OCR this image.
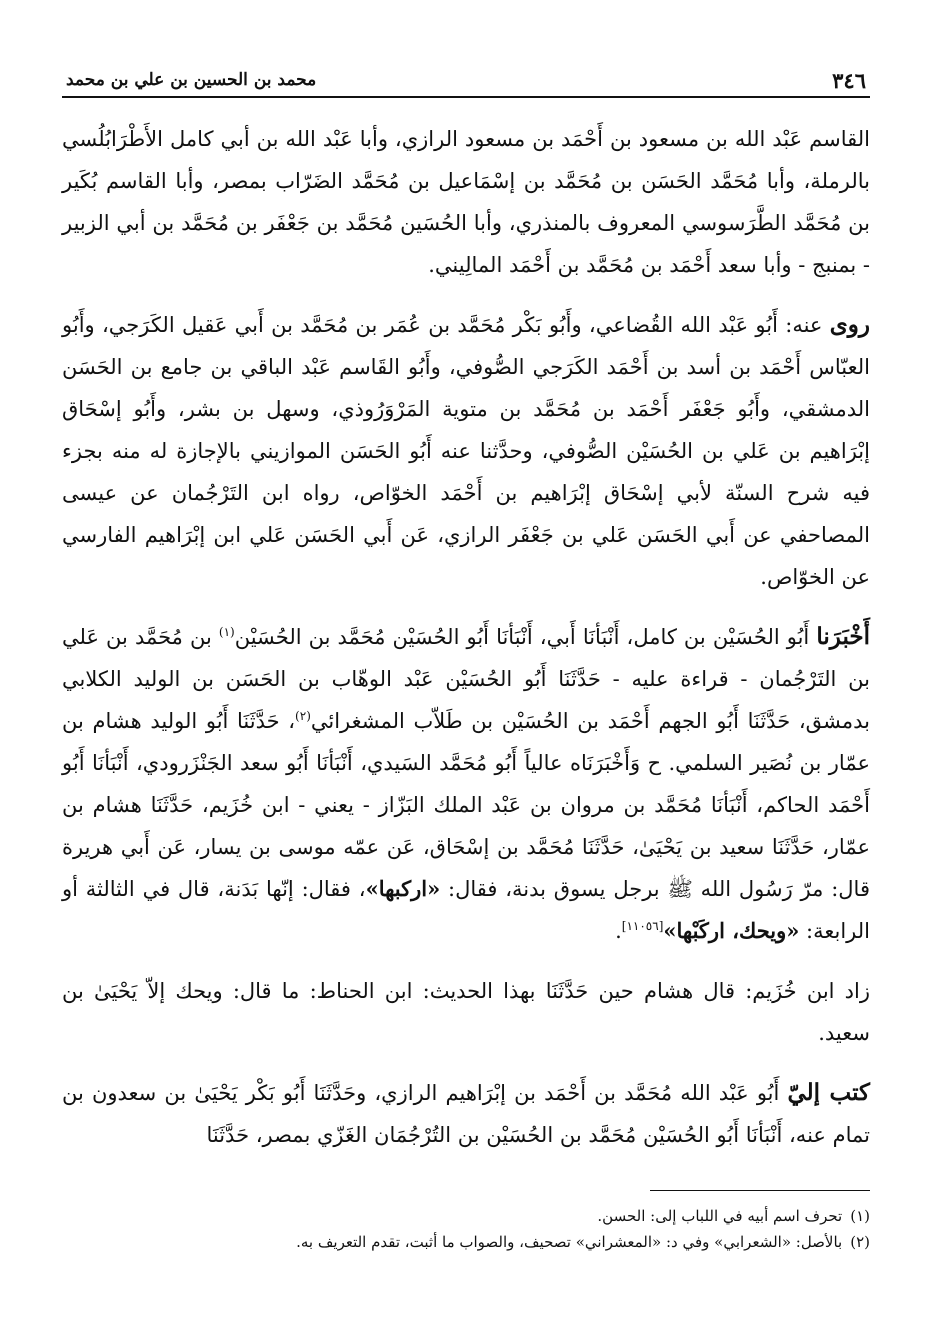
٣٤٦
محمد بن الحسين بن علي بن محمد

القاسم عَبْد الله بن مسعود بن أَحْمَد بن مسعود الرازي، وأبا عَبْد الله بن أبي كامل الأَطْرَابُلُسي بالرملة، وأبا مُحَمَّد الحَسَن بن مُحَمَّد بن إسْمَاعيل بن مُحَمَّد الضَرّاب بمصر، وأبا القاسم بُكَير بن مُحَمَّد الطَّرَسوسي المعروف بالمنذري، وأبا الحُسَين مُحَمَّد بن جَعْفَر بن مُحَمَّد بن أبي الزبير - بمنبج - وأبا سعد أَحْمَد بن مُحَمَّد بن أَحْمَد المالِيني.

روى عنه: أَبُو عَبْد الله القُضاعي، وأَبُو بَكْر مُحَمَّد بن عُمَر بن مُحَمَّد بن أَبي عَقيل الكَرَجي، وأَبُو العبّاس أَحْمَد بن أسد بن أَحْمَد الكَرَجي الصُّوفي، وأَبُو القَاسم عَبْد الباقي بن جامع بن الحَسَن الدمشقي، وأَبُو جَعْفَر أَحْمَد بن مُحَمَّد بن متوية المَرْوَرُوذي، وسهل بن بشر، وأَبُو إسْحَاق إبْرَاهيم بن عَلي بن الحُسَيْن الصُّوفي، وحدَّثنا عنه أَبُو الحَسَن الموازيني بالإجازة له منه بجزء فيه شرح السنّة لأبي إسْحَاق إبْرَاهيم بن أَحْمَد الخوّاص، رواه ابن التَرْجُمان عن عيسى المصاحفي عن أَبي الحَسَن عَلي بن جَعْفَر الرازي، عَن أَبي الحَسَن عَلي ابن إبْرَاهيم الفارسي عن الخوّاص.

أَخْبَرَنا أَبُو الحُسَيْن بن كامل، أَنْبَأنَا أَبي، أَنْبَأنَا أَبُو الحُسَيْن مُحَمَّد بن الحُسَيْن$^{(١)}$ بن مُحَمَّد بن عَلي بن التَرْجُمان - قراءة عليه - حَدَّثَنَا أَبُو الحُسَيْن عَبْد الوهّاب بن الحَسَن بن الوليد الكلابي بدمشق، حَدَّثَنَا أَبُو الجهم أَحْمَد بن الحُسَيْن بن طَلاّب المشغرائي$^{(٢)}$، حَدَّثَنَا أَبُو الوليد هشام بن عمّار بن نُصَير السلمي. ح وَأَخْبَرَنَاه عالياً أَبُو مُحَمَّد السَيدي، أَنْبَأنَا أَبُو سعد الجَنْزَرودي، أَنْبَأنَا أَبُو أَحْمَد الحاكم، أَنْبَأنَا مُحَمَّد بن مروان بن عَبْد الملك البَزّاز - يعني - ابن خُزَيم، حَدَّثَنَا هشام بن عمّار، حَدَّثَنَا سعيد بن يَحْيَىٰ، حَدَّثَنَا مُحَمَّد بن إسْحَاق، عَن عمّه موسى بن يسار، عَن أَبي هريرة قال: مرّ رَسُول الله ﷺ برجل يسوق بدنة، فقال: «اركبها»، فقال: إنّها بَدَنة، قال في الثالثة أو الرابعة: «ويحك، اركَبْها»[١١٠٥٦].

زاد ابن خُزَيم: قال هشام حين حَدَّثَنَا بهذا الحديث: ابن الحناط: ما قال: ويحك إلاّ يَحْيَىٰ بن سعيد.

كتب إليّ أَبُو عَبْد الله مُحَمَّد بن أَحْمَد بن إبْرَاهيم الرازي، وحَدَّثَنَا أَبُو بَكْر يَحْيَىٰ بن سعدون بن تمام عنه، أَنْبَأنَا أَبُو الحُسَيْن مُحَمَّد بن الحُسَيْن بن التُرْجُمَان الغَزّي بمصر، حَدَّثَنَا

(١)تحرف اسم أبيه في اللباب إلى: الحسن.

(٢)بالأصل: «الشعرابي» وفي د: «المعشراني» تصحيف، والصواب ما أثبت، تقدم التعريف به.
